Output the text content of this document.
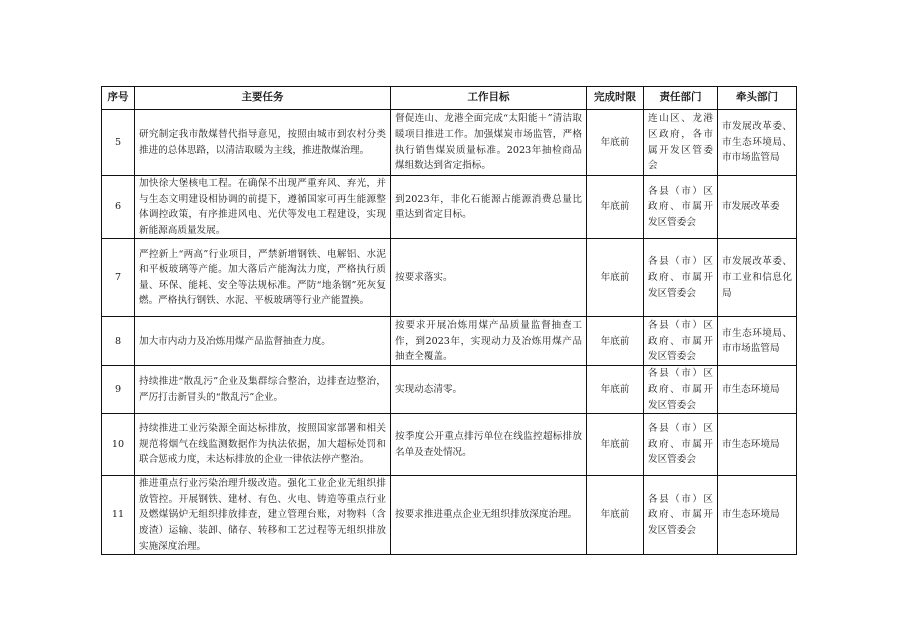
序号	主要任务	工作目标	完成时限	责任部门	牵头部门
5	研究制定我市散煤替代指导意见，按照由城市到农村分类推进的总体思路，以清洁取暖为主线，推进散煤治理。	督促连山、龙港全面完成“太阳能＋”清洁取暖项目推进工作。加强煤炭市场监管，严格执行销售煤炭质量标准。2023年抽检商品煤组数达到省定指标。	年底前	连山区、龙港区政府，各市属开发区管委会	市发展改革委、市生态环境局、市市场监管局
6	加快徐大堡核电工程。在确保不出现严重弃风、弃光，并与生态文明建设相协调的前提下，遵循国家可再生能源整体调控政策，有序推进风电、光伏等发电工程建设，实现新能源高质量发展。	到2023年，非化石能源占能源消费总量比重达到省定目标。	年底前	各县（市）区政府、市属开发区管委会	市发展改革委
7	严控新上“两高”行业项目，严禁新增钢铁、电解铝、水泥和平板玻璃等产能。加大落后产能淘汰力度，严格执行质量、环保、能耗、安全等法规标准。严防“地条钢”死灰复燃。严格执行钢铁、水泥、平板玻璃等行业产能置换。	按要求落实。	年底前	各县（市）区政府、市属开发区管委会	市发展改革委、市工业和信息化局
8	加大市内动力及冶炼用煤产品监督抽查力度。	按要求开展冶炼用煤产品质量监督抽查工作，到2023年，实现动力及冶炼用煤产品抽查全覆盖。	年底前	各县（市）区政府、市属开发区管委会	市生态环境局、市市场监管局
9	持续推进“散乱污”企业及集群综合整治，边排查边整治，严厉打击新冒头的“散乱污”企业。	实现动态清零。	年底前	各县（市）区政府、市属开发区管委会	市生态环境局
10	持续推进工业污染源全面达标排放，按照国家部署和相关规范将烟气在线监测数据作为执法依据，加大超标处罚和联合惩戒力度，未达标排放的企业一律依法停产整治。	按季度公开重点排污单位在线监控超标排放名单及查处情况。	年底前	各县（市）区政府、市属开发区管委会	市生态环境局
11	推进重点行业污染治理升级改造。强化工业企业无组织排放管控。开展钢铁、建材、有色、火电、铸造等重点行业及燃煤锅炉无组织排放排查，建立管理台账，对物料（含废渣）运输、装卸、储存、转移和工艺过程等无组织排放实施深度治理。	按要求推进重点企业无组织排放深度治理。	年底前	各县（市）区政府、市属开发区管委会	市生态环境局
